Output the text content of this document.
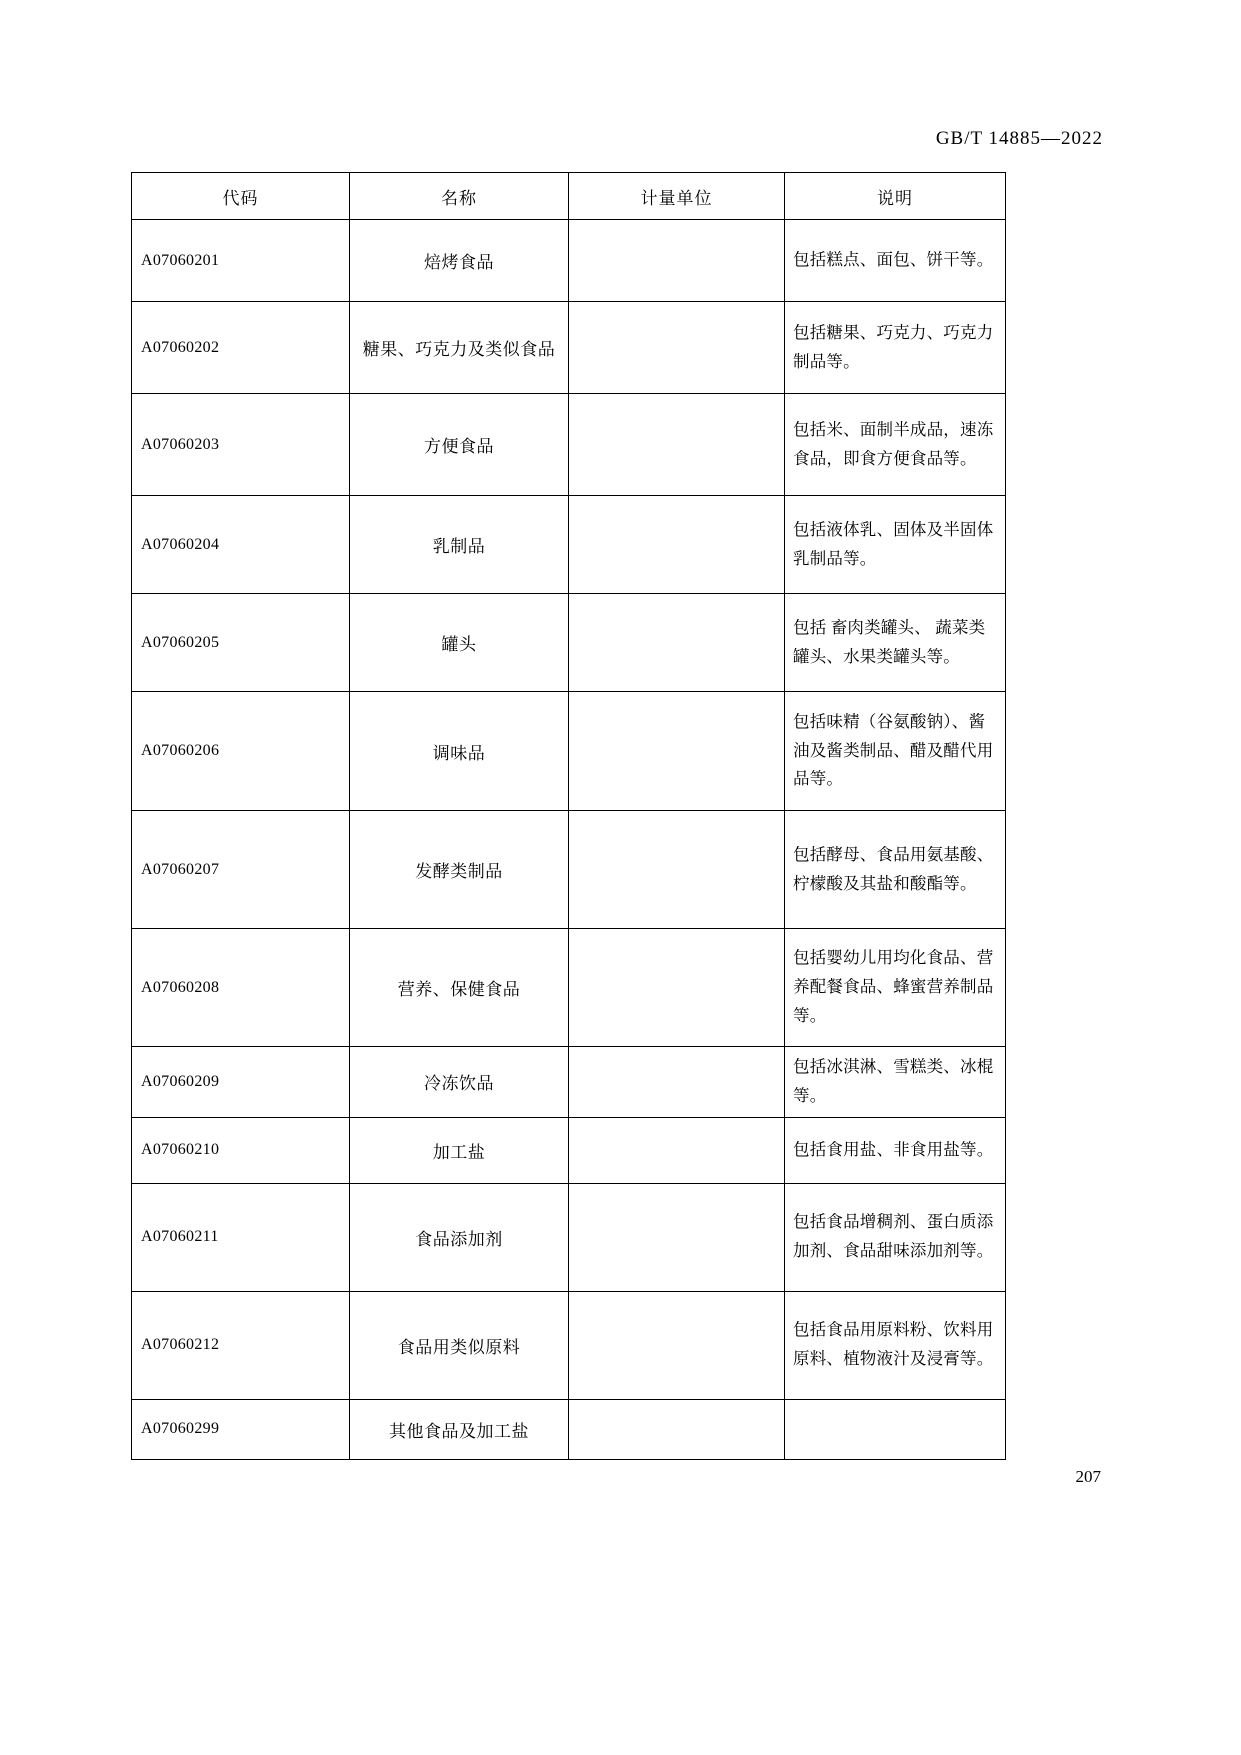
GB/T 14885—2022
代码	名称	计量单位	说明
A07060201	焙烤食品		包括糕点、面包、饼干等。
A07060202	糖果、巧克力及类似食品		包括糖果、巧克力、巧克力制品等。
A07060203	方便食品		包括米、面制半成品，速冻食品，即食方便食品等。
A07060204	乳制品		包括液体乳、固体及半固体乳制品等。
A07060205	罐头		包括 畜肉类罐头、 蔬菜类罐头、水果类罐头等。
A07060206	调味品		包括味精（谷氨酸钠）、酱油及酱类制品、醋及醋代用品等。
A07060207	发酵类制品		包括酵母、食品用氨基酸、柠檬酸及其盐和酸酯等。
A07060208	营养、保健食品		包括婴幼儿用均化食品、营养配餐食品、蜂蜜营养制品等。
A07060209	冷冻饮品		包括冰淇淋、雪糕类、冰棍等。
A07060210	加工盐		包括食用盐、非食用盐等。
A07060211	食品添加剂		包括食品增稠剂、蛋白质添加剂、食品甜味添加剂等。
A07060212	食品用类似原料		包括食品用原料粉、饮料用原料、植物液汁及浸膏等。
A07060299	其他食品及加工盐		
207
